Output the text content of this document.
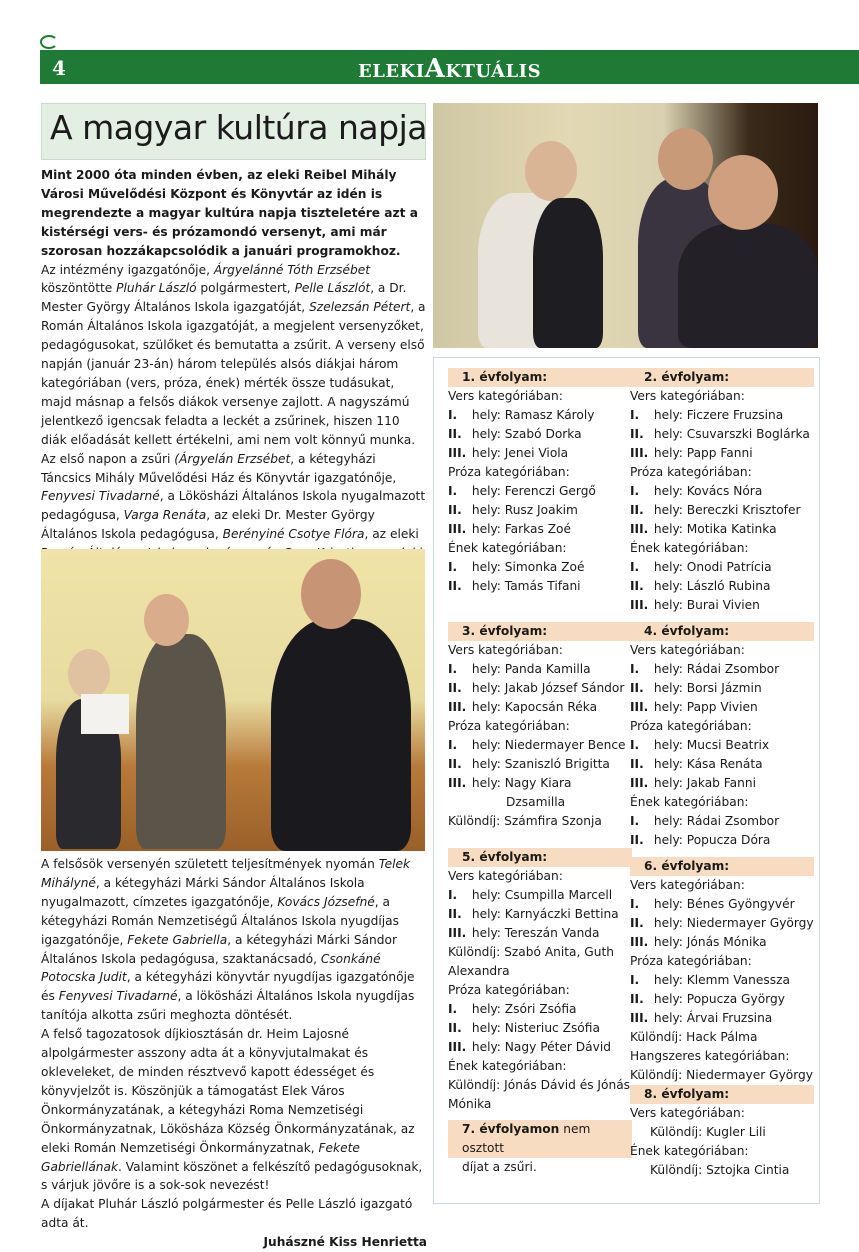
4	ELEKIAKTUÁLIS
A magyar kultúra napja

Mint 2000 óta minden évben, az eleki Reibel Mihály Városi Művelődési Központ és Könyvtár az idén is megrendezte a magyar kultúra napja tiszteletére azt a kistérségi vers- és prózamondó versenyt, ami már szorosan hozzákapcsolódik a januári programokhoz.

Az intézmény igazgatónője, Árgyelánné Tóth Erzsébet köszöntötte Pluhár László polgármestert, Pelle Lászlót, a Dr. Mester György Általános Iskola igazgatóját, Szelezsán Pétert, a Román Általános Iskola igazgatóját, a megjelent versenyzőket, pedagógusokat, szülőket és bemutatta a zsűrit. A verseny első napján (január 23-án) három település alsós diákjai három kategóriában (vers, próza, ének) mérték össze tudásukat, majd másnap a felsős diákok versenye zajlott. A nagyszámú jelentkező igencsak feladta a leckét a zsűrinek, hiszen 110 diák előadását kellett értékelni, ami nem volt könnyű munka. Az első napon a zsűri (Árgyelán Erzsébet, a kétegyházi Táncsics Mihály Művelődési Ház és Könyvtár igazgatónője, Fenyvesi Tivadarné, a Lökösházi Általános Iskola nyugalmazott pedagógusa, Varga Renáta, az eleki Dr. Mester György Általános Iskola pedagógusa, Berényiné Csotye Flóra, az eleki

A felsősök versenyén született teljesítmények nyomán Telek Mihályné, a kétegyházi Márki Sándor Általános Iskola nyugalmazott, címzetes igazgatónője, Kovács Józsefné, a kétegyházi Román Nemzetiségű Általános Iskola nyugdíjas igazgatónője, Fekete Gabriella, a kétegyházi Márki Sándor Általános Iskola pedagógusa, szaktanácsadó, Csonkáné Potocska Judit, a kétegyházi könyvtár nyugdíjas igazgatónője és Fenyvesi Tivadarné, a lökösházi Általános Iskola nyugdíjas tanítója alkotta zsűri meghozta döntését.

A felső tagozatosok díjkiosztásán dr. Heim Lajosné alpolgármester asszony adta át a könyvjutalmakat és okleveleket, de minden résztvevő kapott édességet és könyvjelzőt is. Köszönjük a támogatást Elek Város Önkormányzatának, a kétegyházi Roma Nemzetiségi Önkormányzatnak, Lökösháza Község Önkormányzatának, az eleki Román Nemzetiségi Önkormányzatnak, Fekete Gabriellának. Valamint köszönet a felkészítő pedagógusoknak, s várjuk jövőre is a sok-sok nevezést!

A díjakat Pluhár László polgármester és Pelle László igazgató adta át.

Juhászné Kiss Henrietta

1. évfolyam:
Vers kategóriában:
I. hely: Ramasz Károly
II. hely: Szabó Dorka
III. hely: Jenei Viola
Próza kategóriában:
I. hely: Ferenczi Gergő
II. hely: Rusz Joakim
III. hely: Farkas Zoé
Ének kategóriában:
I. hely: Simonka Zoé
II. hely: Tamás Tifani
3. évfolyam:
Vers kategóriában:
I. hely: Panda Kamilla
II. hely: Jakab József Sándor
III. hely: Kapocsán Réka
Próza kategóriában:
I. hely: Niedermayer Bence
II. hely: Szaniszló Brigitta
III. hely: Nagy Kiara
Dzsamilla
Különdíj: Számfira Szonja
5. évfolyam:
Vers kategóriában:
I. hely: Csumpilla Marcell
II. hely: Karnyáczki Bettina
III. hely: Tereszán Vanda
Különdíj: Szabó Anita, Guth
Alexandra
Próza kategóriában:
I. hely: Zsóri Zsófia
II. hely: Nisteriuc Zsófia
III. hely: Nagy Péter Dávid
Ének kategóriában:
Különdíj: Jónás Dávid és Jónás
Mónika
7. évfolyamon nem osztott
díjat a zsűri.
2. évfolyam:
Vers kategóriában:
I. hely: Ficzere Fruzsina
II. hely: Csuvarszki Boglárka
III. hely: Papp Fanni
Próza kategóriában:
I. hely: Kovács Nóra
II. hely: Bereczki Krisztofer
III. hely: Motika Katinka
Ének kategóriában:
I. hely: Onodi Patrícia
II. hely: László Rubina
III. hely: Burai Vivien
4. évfolyam:
Vers kategóriában:
I. hely: Rádai Zsombor
II. hely: Borsi Jázmin
III. hely: Papp Vivien
Próza kategóriában:
I. hely: Mucsi Beatrix
II. hely: Kása Renáta
III. hely: Jakab Fanni
Ének kategóriában:
I. hely: Rádai Zsombor
II. hely: Popucza Dóra
6. évfolyam:
Vers kategóriában:
I. hely: Bénes Gyöngyvér
II. hely: Niedermayer György
III. hely: Jónás Mónika
Próza kategóriában:
I. hely: Klemm Vanessza
II. hely: Popucza György
III. hely: Árvai Fruzsina
Különdíj: Hack Pálma
Hangszeres kategóriában:
Különdíj: Niedermayer György
8. évfolyam:
Vers kategóriában:
Különdíj: Kugler Lili
Ének kategóriában:
Különdíj: Sztojka Cintia
